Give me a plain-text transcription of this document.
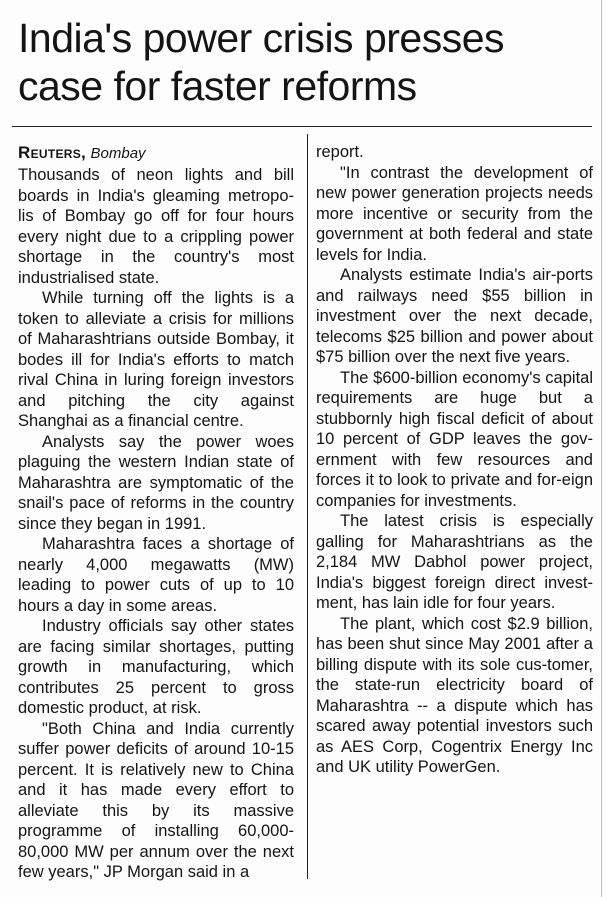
India's power crisis presses case for faster reforms

Reuters, Bombay

Thousands of neon lights and bill boards in India's gleaming metropo-lis of Bombay go off for four hours every night due to a crippling power shortage in the country's most industrialised state.

While turning off the lights is a token to alleviate a crisis for millions of Maharashtrians outside Bombay, it bodes ill for India's efforts to match rival China in luring foreign investors and pitching the city against Shanghai as a financial centre.

Analysts say the power woes plaguing the western Indian state of Maharashtra are symptomatic of the snail's pace of reforms in the country since they began in 1991.

Maharashtra faces a shortage of nearly 4,000 megawatts (MW) leading to power cuts of up to 10 hours a day in some areas.

Industry officials say other states are facing similar shortages, putting growth in manufacturing, which contributes 25 percent to gross domestic product, at risk.

"Both China and India currently suffer power deficits of around 10-15 percent. It is relatively new to China and it has made every effort to alleviate this by its massive programme of installing 60,000-80,000 MW per annum over the next few years," JP Morgan said in a

report.

"In contrast the development of new power generation projects needs more incentive or security from the government at both federal and state levels for India.

Analysts estimate India's air-ports and railways need $55 billion in investment over the next decade, telecoms $25 billion and power about $75 billion over the next five years.

The $600-billion economy's capital requirements are huge but a stubbornly high fiscal deficit of about 10 percent of GDP leaves the gov-ernment with few resources and forces it to look to private and for-eign companies for investments.

The latest crisis is especially galling for Maharashtrians as the 2,184 MW Dabhol power project, India's biggest foreign direct invest-ment, has lain idle for four years.

The plant, which cost $2.9 billion, has been shut since May 2001 after a billing dispute with its sole cus-tomer, the state-run electricity board of Maharashtra -- a dispute which has scared away potential investors such as AES Corp, Cogentrix Energy Inc and UK utility PowerGen.
